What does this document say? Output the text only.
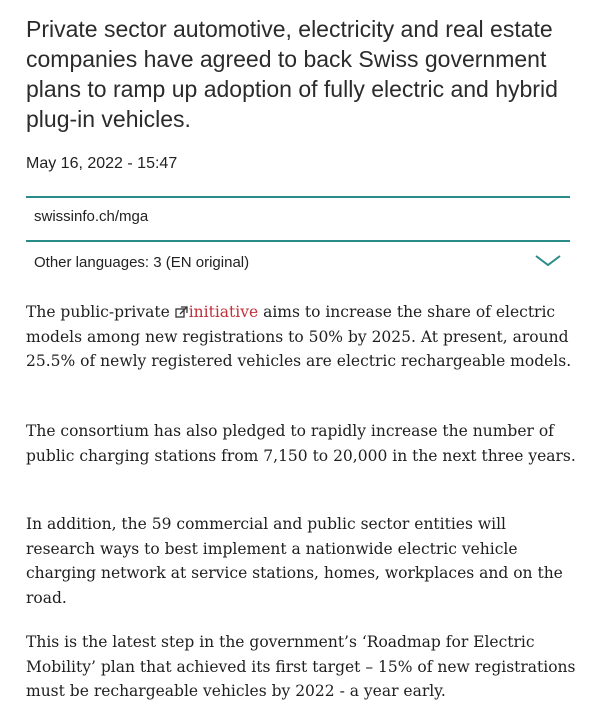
Private sector automotive, electricity and real estate companies have agreed to back Swiss government plans to ramp up adoption of fully electric and hybrid plug-in vehicles.
May 16, 2022 - 15:47
swissinfo.ch/mga
Other languages: 3 (EN original)

The public-private initiative aims to increase the share of electric models among new registrations to 50% by 2025. At present, around 25.5% of newly registered vehicles are electric rechargeable models.

The consortium has also pledged to rapidly increase the number of public charging stations from 7,150 to 20,000 in the next three years.

In addition, the 59 commercial and public sector entities will research ways to best implement a nationwide electric vehicle charging network at service stations, homes, workplaces and on the road.

This is the latest step in the government’s ‘Roadmap for Electric Mobility’ plan that achieved its first target – 15% of new registrations must be rechargeable vehicles by 2022 - a year early.
